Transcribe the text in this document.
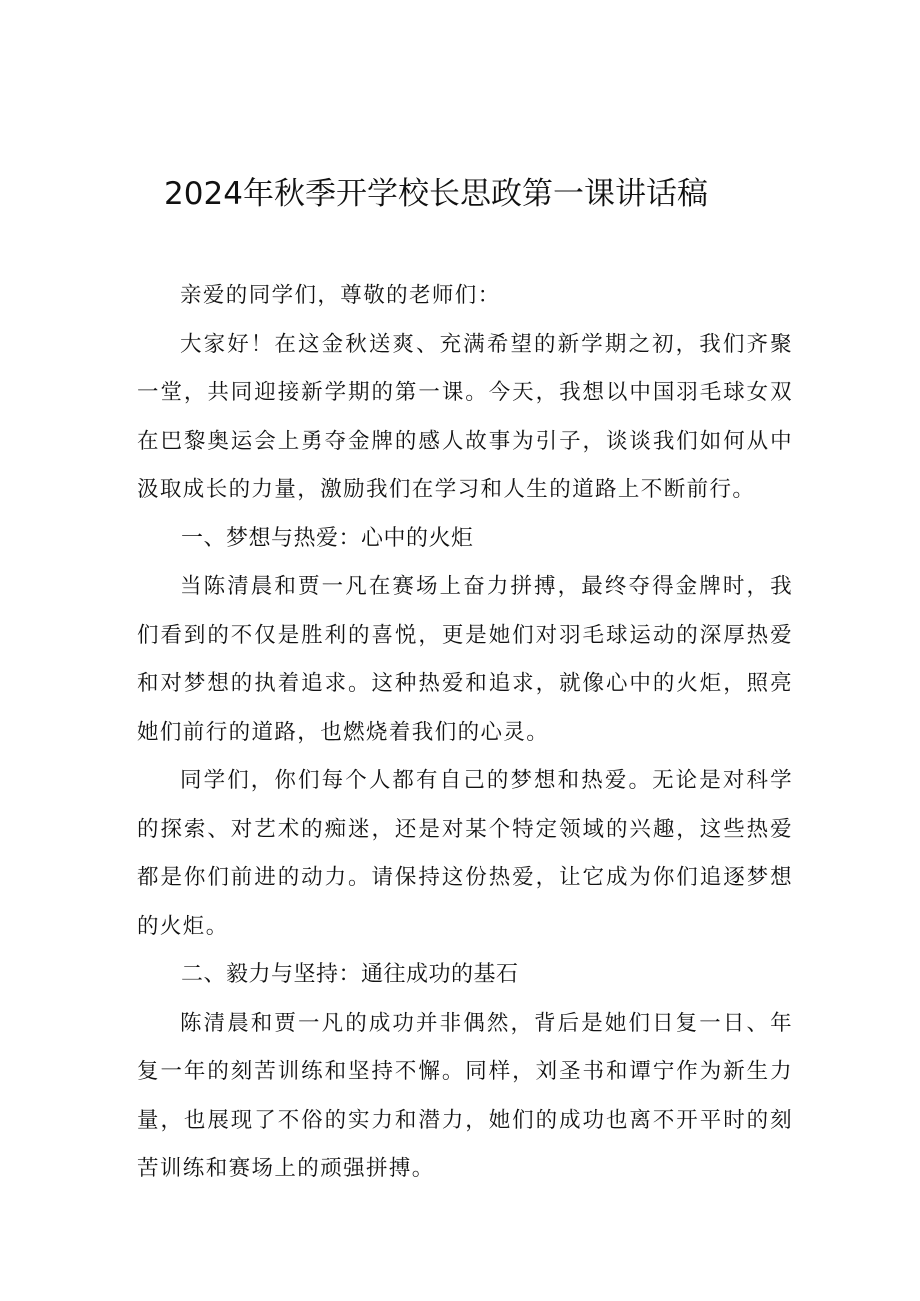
2024年秋季开学校长思政第一课讲话稿

亲爱的同学们，尊敬的老师们：

大家好！在这金秋送爽、充满希望的新学期之初，我们齐聚一堂，共同迎接新学期的第一课。今天，我想以中国羽毛球女双在巴黎奥运会上勇夺金牌的感人故事为引子，谈谈我们如何从中汲取成长的力量，激励我们在学习和人生的道路上不断前行。

一、梦想与热爱：心中的火炬

当陈清晨和贾一凡在赛场上奋力拼搏，最终夺得金牌时，我们看到的不仅是胜利的喜悦，更是她们对羽毛球运动的深厚热爱和对梦想的执着追求。这种热爱和追求，就像心中的火炬，照亮她们前行的道路，也燃烧着我们的心灵。

同学们，你们每个人都有自己的梦想和热爱。无论是对科学的探索、对艺术的痴迷，还是对某个特定领域的兴趣，这些热爱都是你们前进的动力。请保持这份热爱，让它成为你们追逐梦想的火炬。

二、毅力与坚持：通往成功的基石

陈清晨和贾一凡的成功并非偶然，背后是她们日复一日、年复一年的刻苦训练和坚持不懈。同样，刘圣书和谭宁作为新生力量，也展现了不俗的实力和潜力，她们的成功也离不开平时的刻苦训练和赛场上的顽强拼搏。
